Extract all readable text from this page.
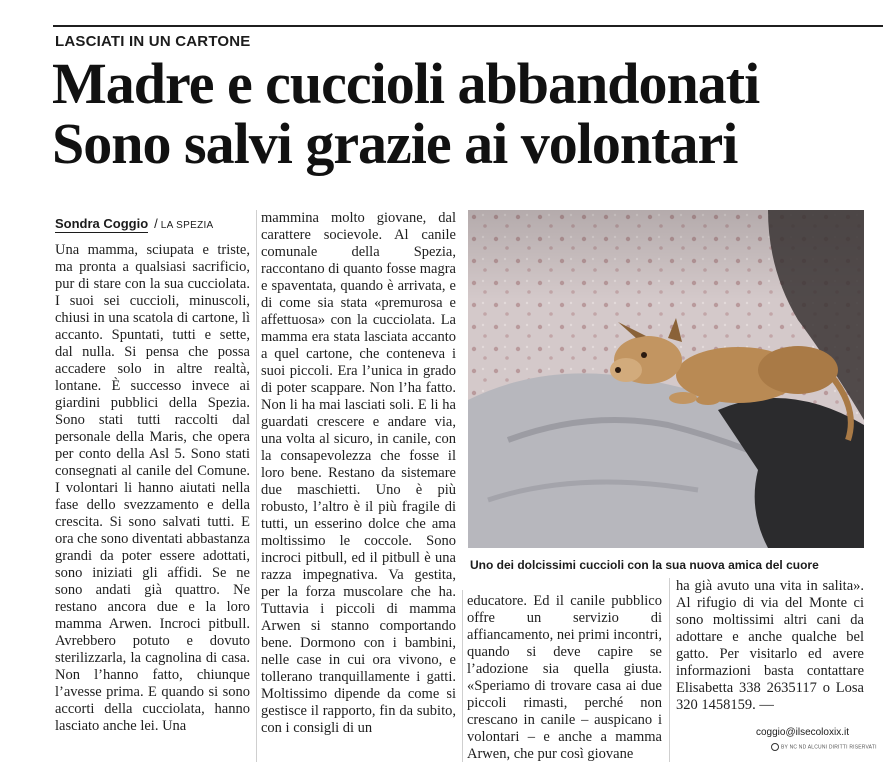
LASCIATI IN UN CARTONE
Madre e cuccioli abbandonati
Sono salvi grazie ai volontari
Sondra Coggio / LA SPEZIA
Una mamma, sciupata e triste, ma pronta a qualsiasi sacrificio, pur di stare con la sua cucciolata. I suoi sei cuccioli, minuscoli, chiusi in una scatola di cartone, lì accanto. Spuntati, tutti e sette, dal nulla. Si pensa che possa accadere solo in altre realtà, lontane. È successo invece ai giardini pubblici della Spezia. Sono stati tutti raccolti dal personale della Maris, che opera per conto della Asl 5. Sono stati consegnati al canile del Comune. I volontari li hanno aiutati nella fase dello svezzamento e della crescita. Si sono salvati tutti. E ora che sono diventati abbastanza grandi da poter essere adottati, sono iniziati gli affidi. Se ne sono andati già quattro. Ne restano ancora due e la loro mamma Arwen. Incroci pitbull. Avrebbero potuto e dovuto sterilizzarla, la cagnolina di casa. Non l’hanno fatto, chiunque l’avesse prima. E quando si sono accorti della cucciolata, hanno lasciato anche lei. Una
mammina molto giovane, dal carattere socievole. Al canile comunale della Spezia, raccontano di quanto fosse magra e spaventata, quando è arrivata, e di come sia stata «premurosa e affettuosa» con la cucciolata. La mamma era stata lasciata accanto a quel cartone, che conteneva i suoi piccoli. Era l’unica in grado di poter scappare. Non l’ha fatto. Non li ha mai lasciati soli. E li ha guardati crescere e andare via, una volta al sicuro, in canile, con la consapevolezza che fosse il loro bene. Restano da sistemare due maschietti. Uno è più robusto, l’altro è il più fragile di tutti, un esserino dolce che ama moltissimo le coccole. Sono incroci pitbull, ed il pitbull è una razza impegnativa. Va gestita, per la forza muscolare che ha. Tuttavia i piccoli di mamma Arwen si stanno comportando bene. Dormono con i bambini, nelle case in cui ora vivono, e tollerano tranquillamente i gatti. Moltissimo dipende da come si gestisce il rapporto, fin da subito, con i consigli di un
educatore. Ed il canile pubblico offre un servizio di affiancamento, nei primi incontri, quando si deve capire se l’adozione sia quella giusta. «Speriamo di trovare casa ai due piccoli rimasti, perché non crescano in canile – auspicano i volontari – e anche a mamma Arwen, che pur così giovane
ha già avuto una vita in salita». Al rifugio di via del Monte ci sono moltissimi altri cani da adottare e anche qualche bel gatto. Per visitarlo ed avere informazioni basta contattare Elisabetta 338 2635117 o Losa 320 1458159. —
Uno dei dolcissimi cuccioli con la sua nuova amica del cuore
coggio@ilsecoloxix.it
BY NC ND ALCUNI DIRITTI RISERVATI
